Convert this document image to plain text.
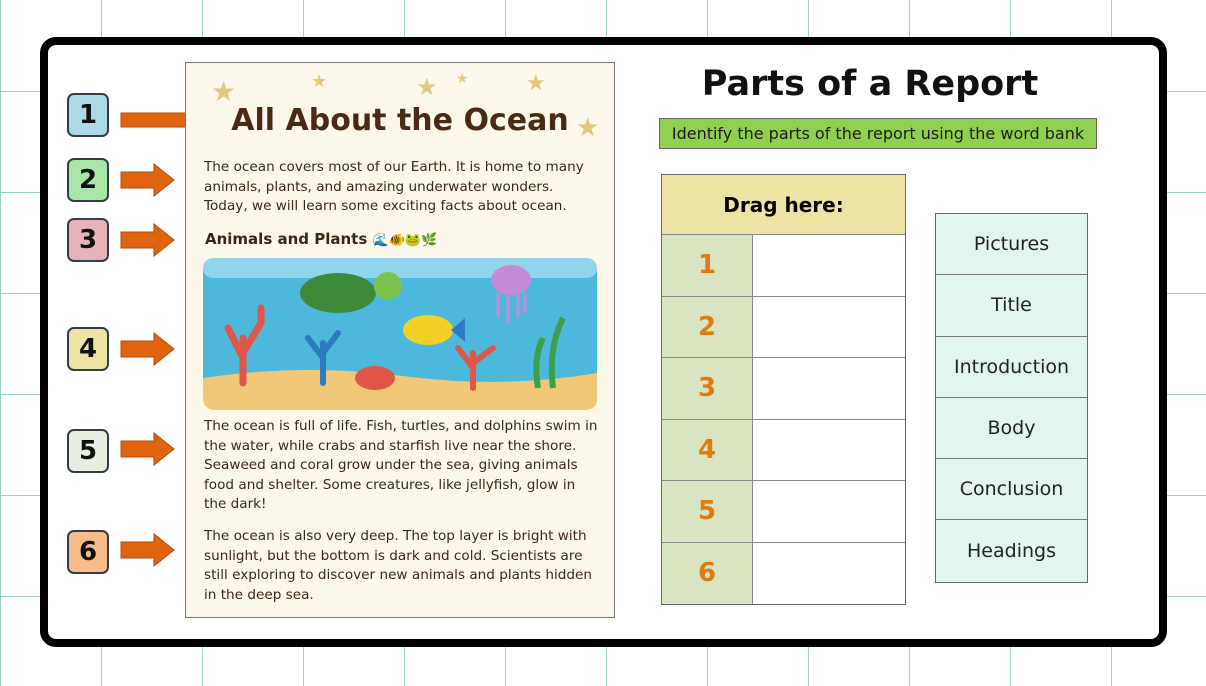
1
2
3
4
5
6
★	★	★	★
★
★
All About the Ocean
The ocean covers most of our Earth. It is home to many animals, plants, and amazing underwater wonders. Today, we will learn some exciting facts about ocean.
Animals and Plants 🌊🐠🐸🌿
The ocean is full of life. Fish, turtles, and dolphins swim in the water, while crabs and starfish live near the shore. Seaweed and coral grow under the sea, giving animals food and shelter. Some creatures, like jellyfish, glow in the dark!
The ocean is also very deep. The top layer is bright with sunlight, but the bottom is dark and cold. Scientists are still exploring to discover new animals and plants hidden in the deep sea.
Parts of a Report
Identify the parts of the report using the word bank
Drag here:
1
2
3
4
5
6
Pictures
Title
Introduction
Body
Conclusion
Headings
